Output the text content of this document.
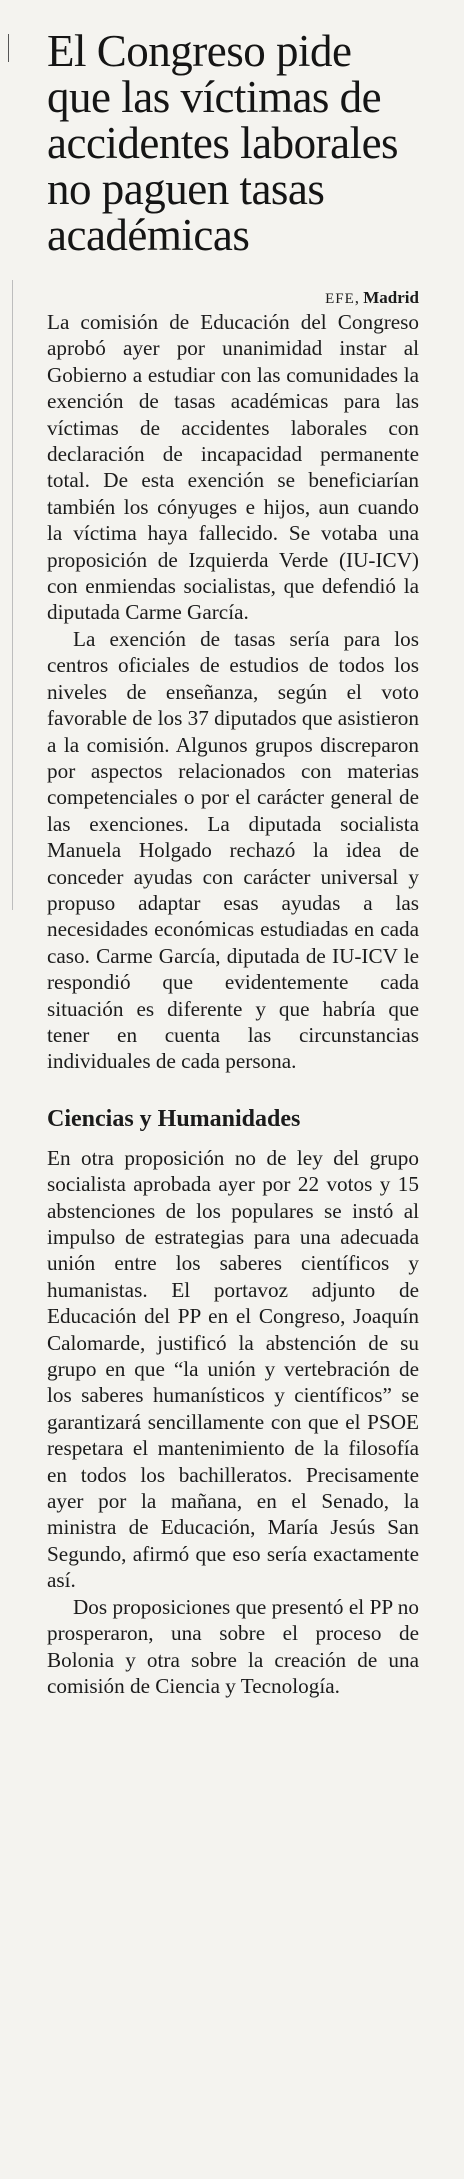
El Congreso pide que las víctimas de accidentes laborales no paguen tasas académicas
EFE, Madrid

La comisión de Educación del Congreso aprobó ayer por unanimidad instar al Gobierno a estudiar con las comunidades la exención de tasas académicas para las víctimas de accidentes laborales con declaración de incapacidad permanente total. De esta exención se beneficiarían también los cónyuges e hijos, aun cuando la víctima haya fallecido. Se votaba una proposición de Izquierda Verde (IU-ICV) con enmiendas socialistas, que defendió la diputada Carme García.

La exención de tasas sería para los centros oficiales de estudios de todos los niveles de enseñanza, según el voto favorable de los 37 diputados que asistieron a la comisión. Algunos grupos discreparon por aspectos relacionados con materias competenciales o por el carácter general de las exenciones. La diputada socialista Manuela Holgado rechazó la idea de conceder ayudas con carácter universal y propuso adaptar esas ayudas a las necesidades económicas estudiadas en cada caso. Carme García, diputada de IU-ICV le respondió que evidentemente cada situación es diferente y que habría que tener en cuenta las circunstancias individuales de cada persona.

Ciencias y Humanidades

En otra proposición no de ley del grupo socialista aprobada ayer por 22 votos y 15 abstenciones de los populares se instó al impulso de estrategias para una adecuada unión entre los saberes científicos y humanistas. El portavoz adjunto de Educación del PP en el Congreso, Joaquín Calomarde, justificó la abstención de su grupo en que “la unión y vertebración de los saberes humanísticos y científicos” se garantizará sencillamente con que el PSOE respetara el mantenimiento de la filosofía en todos los bachilleratos. Precisamente ayer por la mañana, en el Senado, la ministra de Educación, María Jesús San Segundo, afirmó que eso sería exactamente así.

Dos proposiciones que presentó el PP no prosperaron, una sobre el proceso de Bolonia y otra sobre la creación de una comisión de Ciencia y Tecnología.
